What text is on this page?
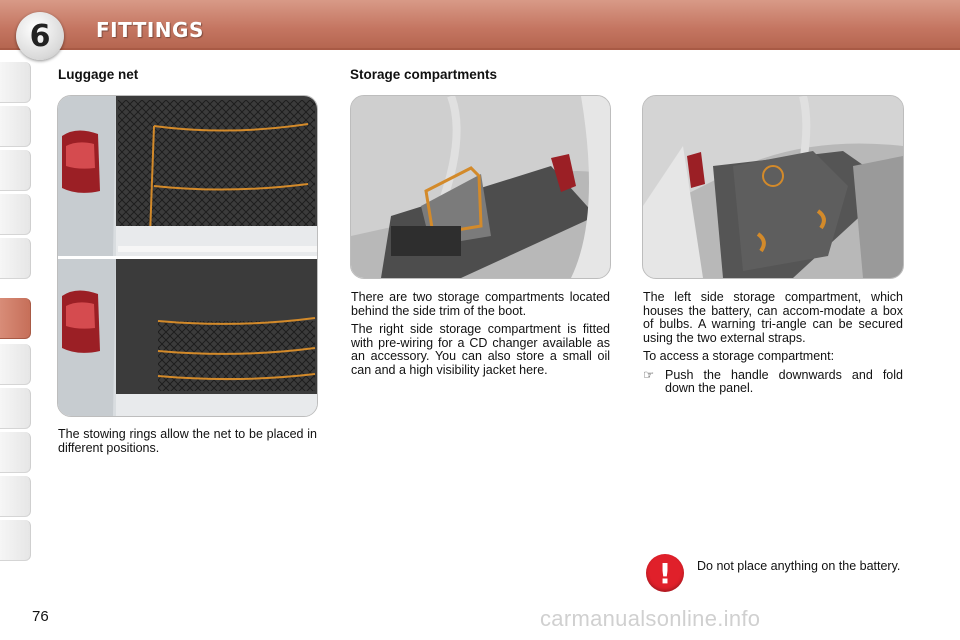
6	FITTINGS
Luggage net
The stowing rings allow the net to be placed in different positions.
Storage compartments

There are two storage compartments located behind the side trim of the boot.

The right side storage compartment is fitted with pre-wiring for a CD changer available as an accessory. You can also store a small oil can and a high visibility jacket here.

The left side storage compartment, which houses the battery, can accom-modate a box of bulbs. A warning tri-angle can be secured using the two external straps.

To access a storage compartment:

☞ Push the handle downwards and fold down the panel.
!	Do not place anything on the battery.
76	carmanualsonline.info
